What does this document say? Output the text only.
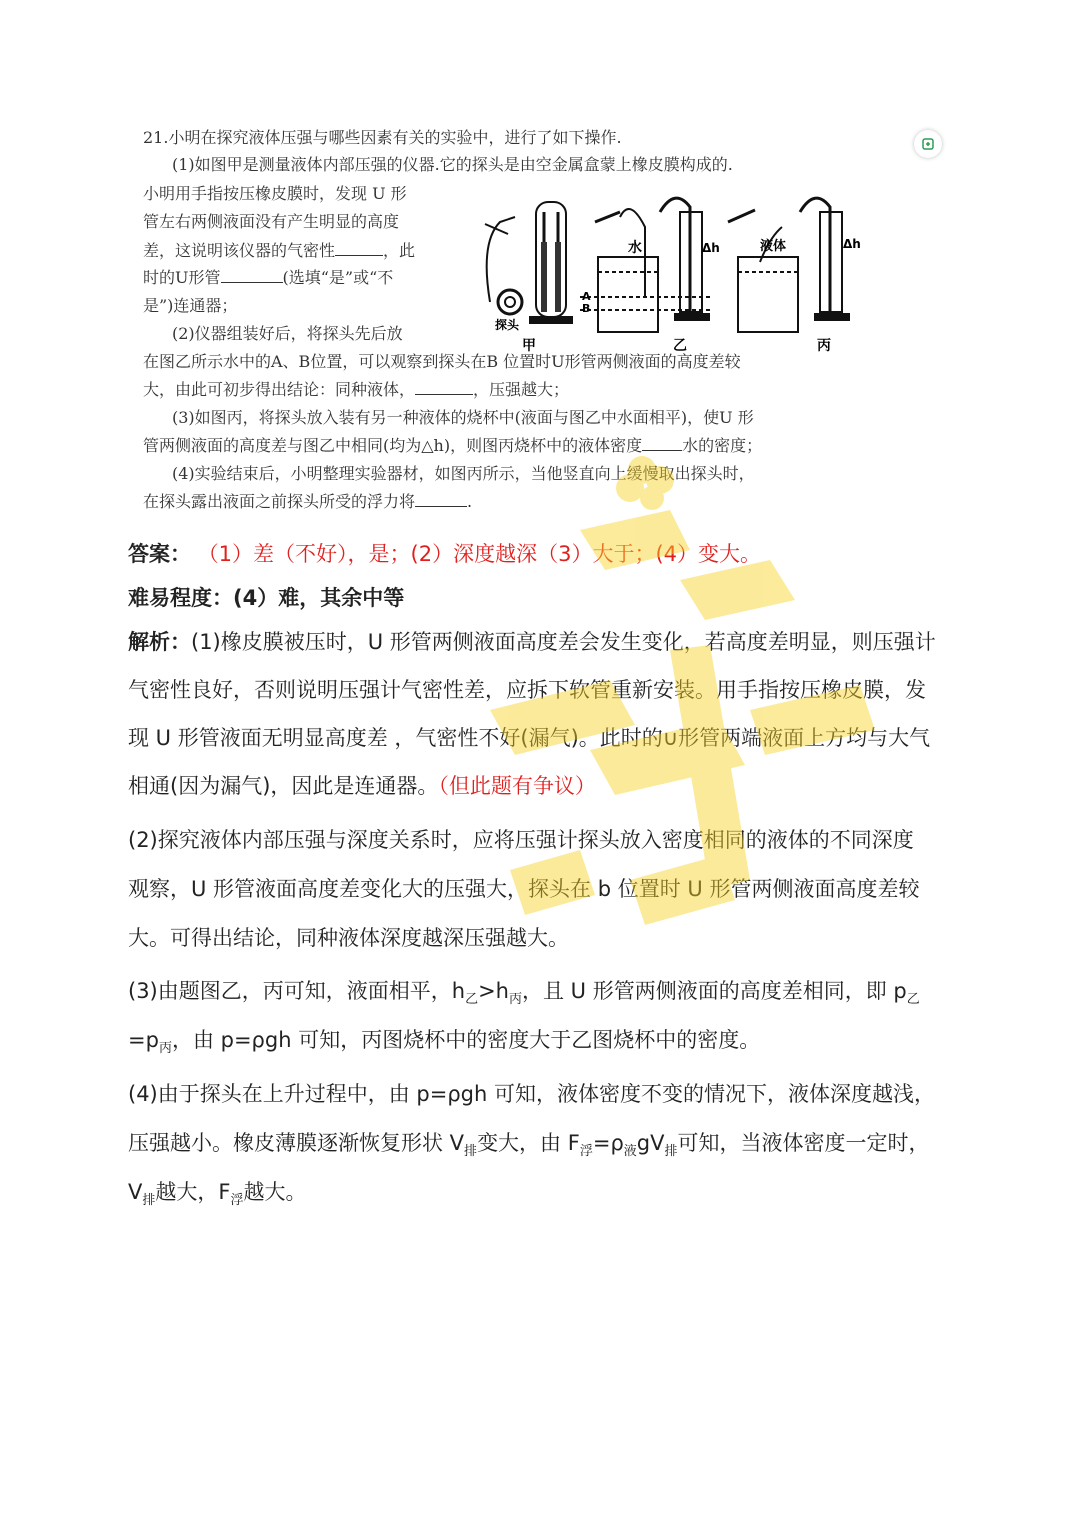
21.小明在探究液体压强与哪些因素有关的实验中，进行了如下操作.
(1)如图甲是测量液体内部压强的仪器.它的探头是由空金属盒蒙上橡皮膜构成的.
小明用手指按压橡皮膜时，发现 U 形
管左右两侧液面没有产生明显的高度
差，这说明该仪器的气密性	，此
时的U形管	(选填“是”或“不
是”)连通器；
(2)仪器组装好后，将探头先后放
在图乙所示水中的A、B位置，可以观察到探头在B 位置时U形管两侧液面的高度差较
大，由此可初步得出结论：同种液体，	，压强越大；
(3)如图丙，将探头放入装有另一种液体的烧杯中(液面与图乙中水面相平)，使U 形
管两侧液面的高度差与图乙中相同(均为△h)，则图丙烧杯中的液体密度	水的密度；
(4)实验结束后，小明整理实验器材，如图丙所示，当他竖直向上缓慢取出探头时，
在探头露出液面之前探头所受的浮力将	.
探头
甲
A
B
水	Δh
乙
液体	Δh
丙
答案： （1）差（不好），是；(2）深度越深（3）大于；(4）变大。
难易程度：(4）难，其余中等
解析：(1)橡皮膜被压时，U 形管两侧液面高度差会发生变化，若高度差明显，则压强计
气密性良好，否则说明压强计气密性差，应拆下软管重新安装。用手指按压橡皮膜，发
现 U 形管液面无明显高度差 ，气密性不好(漏气)。此时的∪形管两端液面上方均与大气
相通(因为漏气)，因此是连通器。（但此题有争议）
(2)探究液体内部压强与深度关系时，应将压强计探头放入密度相同的液体的不同深度
观察，U 形管液面高度差变化大的压强大，探头在 b 位置时 U 形管两侧液面高度差较
大。可得出结论，同种液体深度越深压强越大。
(3)由题图乙，丙可知，液面相平，$h_乙>h_丙$，且 U 形管两侧液面的高度差相同，即 $p_乙$
$=p_丙$，由 p=ρgh 可知，丙图烧杯中的密度大于乙图烧杯中的密度。
(4)由于探头在上升过程中，由 p=ρgh 可知，液体密度不变的情况下，液体深度越浅，
压强越小。橡皮薄膜逐渐恢复形状 $V_排$变大，由 $F_浮=\rho_液gV_排$可知，当液体密度一定时，
$V_排$越大，$F_浮$越大。
